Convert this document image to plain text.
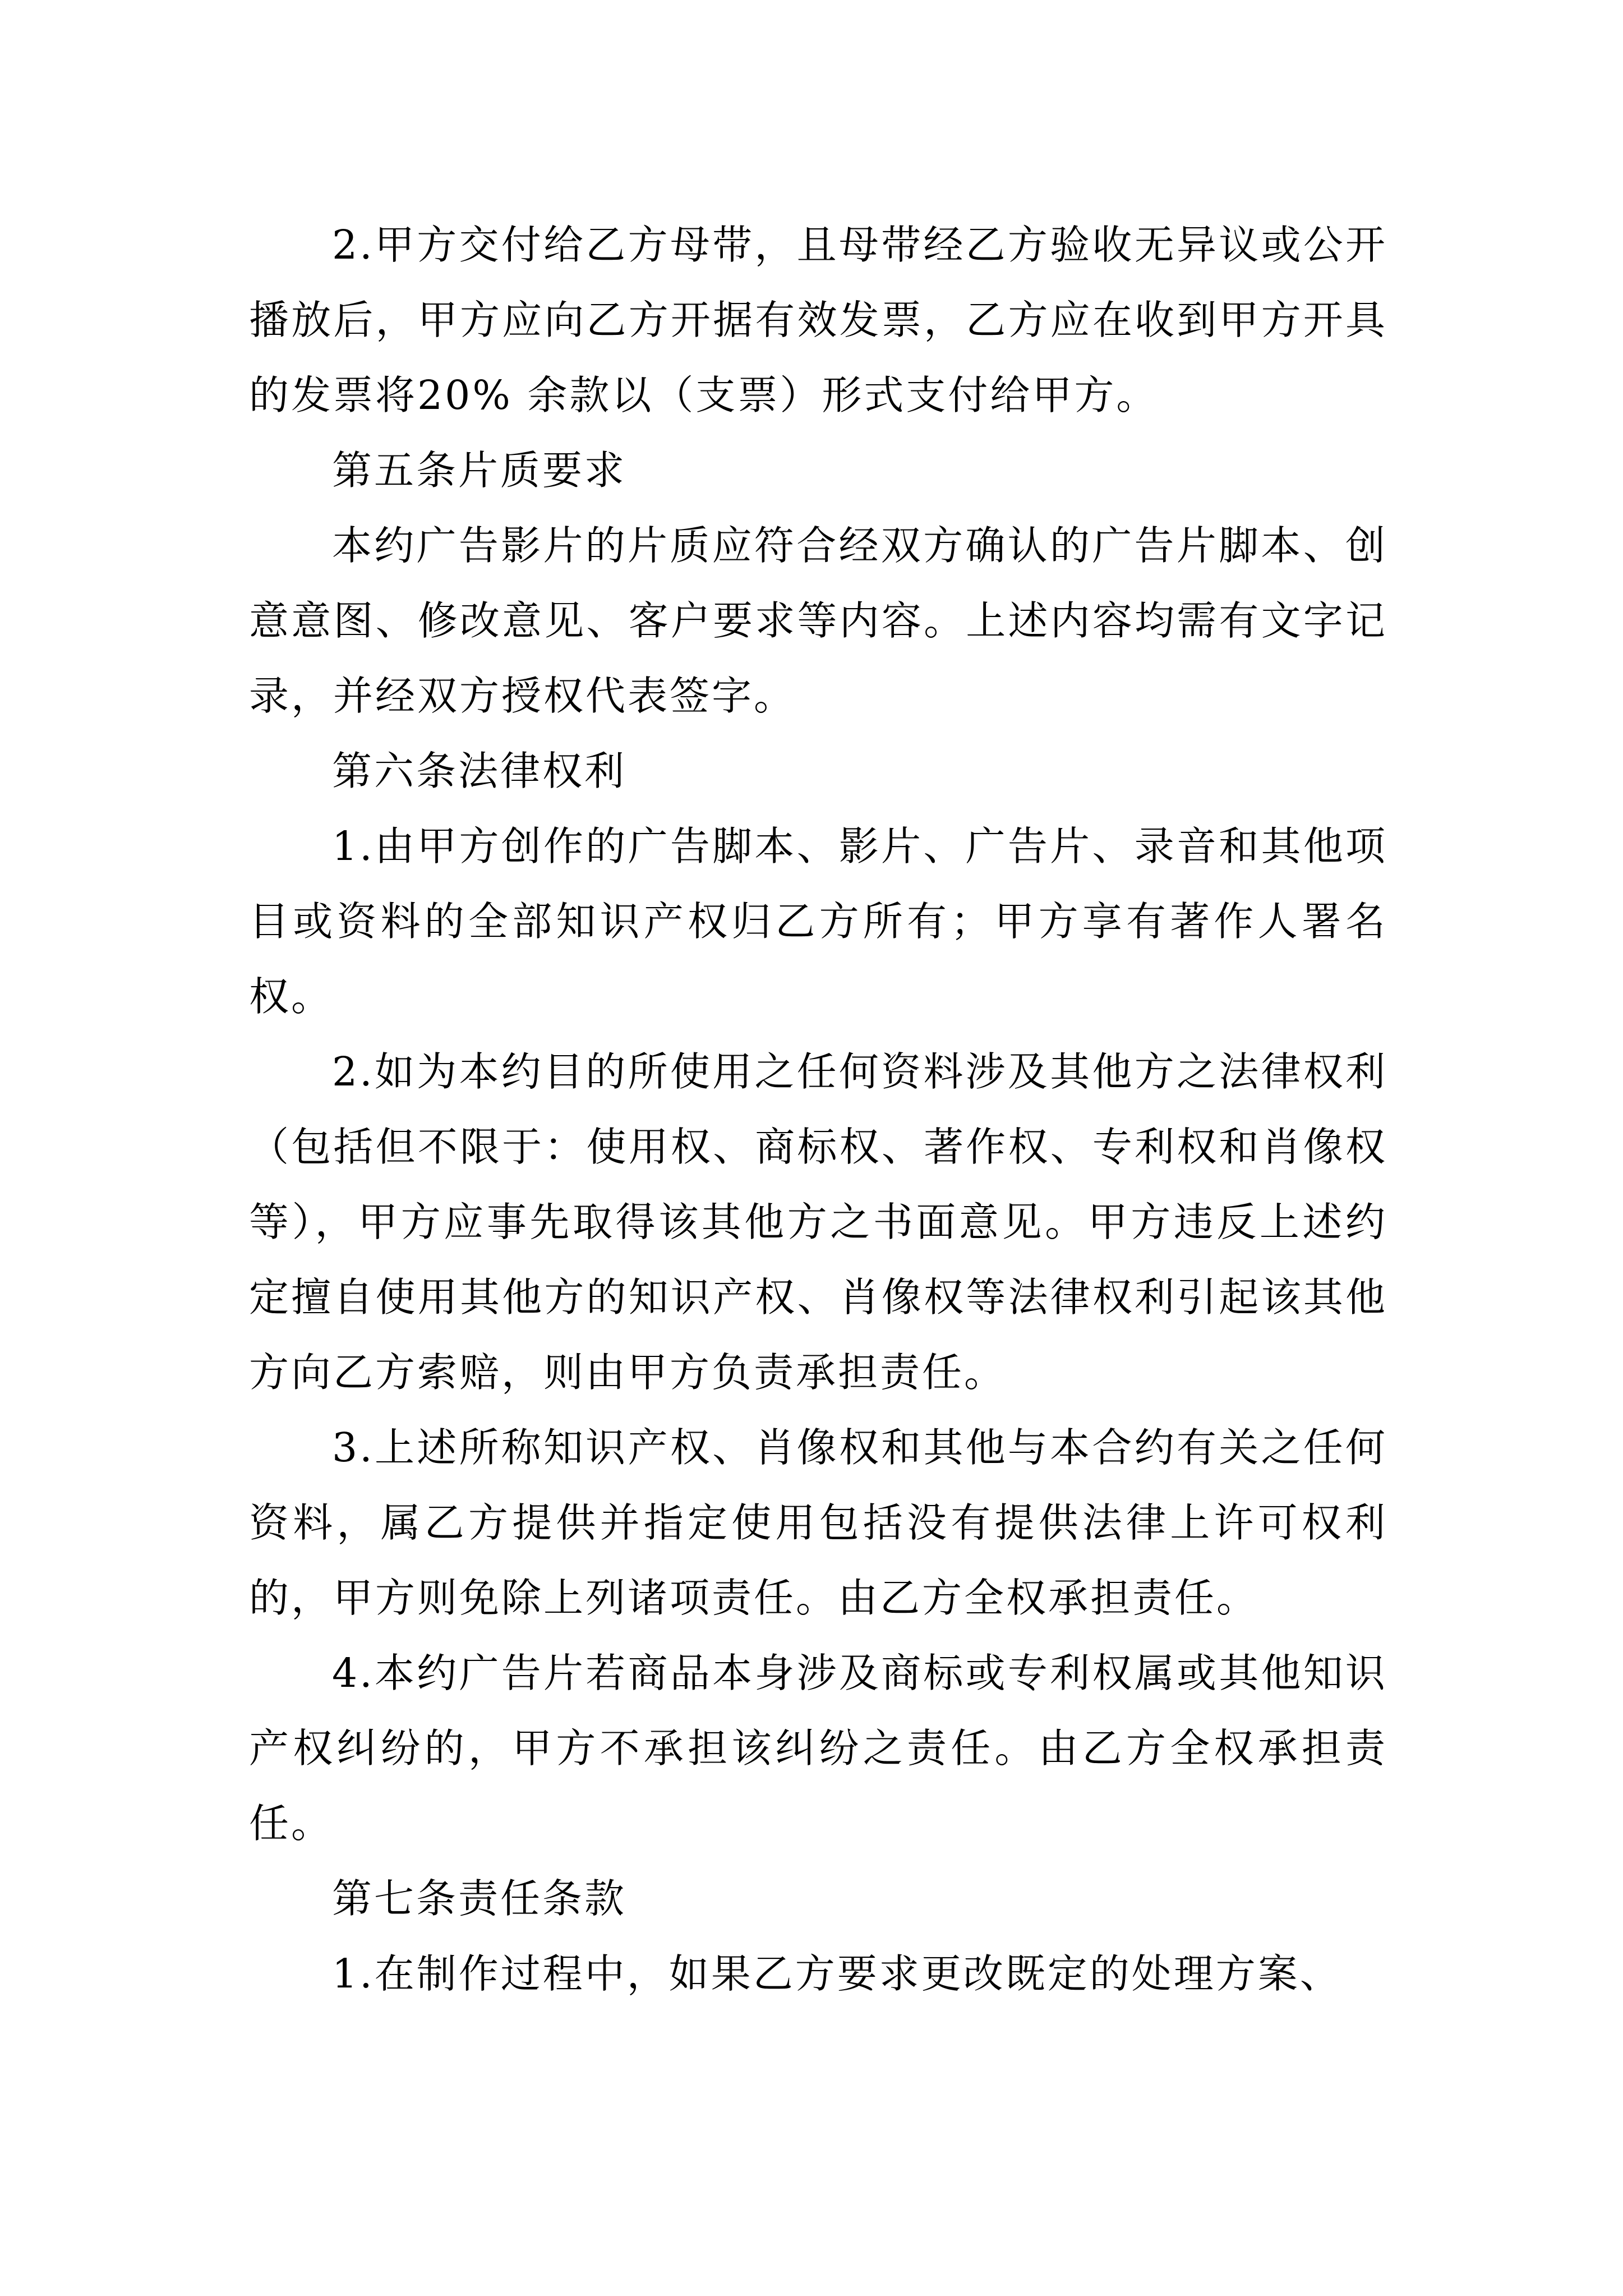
2.甲方交付给乙方母带，且母带经乙方验收无异议或公开播放后，甲方应向乙方开据有效发票，乙方应在收到甲方开具的发票将20% 余款以（支票）形式支付给甲方。

第五条片质要求

本约广告影片的片质应符合经双方确认的广告片脚本、创意意图、修改意见、客户要求等内容。上述内容均需有文字记录，并经双方授权代表签字。

第六条法律权利

1.由甲方创作的广告脚本、影片、广告片、录音和其他项目或资料的全部知识产权归乙方所有；甲方享有著作人署名权。

2.如为本约目的所使用之任何资料涉及其他方之法律权利（包括但不限于：使用权、商标权、著作权、专利权和肖像权等），甲方应事先取得该其他方之书面意见。甲方违反上述约定擅自使用其他方的知识产权、肖像权等法律权利引起该其他方向乙方索赔，则由甲方负责承担责任。

3.上述所称知识产权、肖像权和其他与本合约有关之任何资料，属乙方提供并指定使用包括没有提供法律上许可权利的，甲方则免除上列诸项责任。由乙方全权承担责任。

4.本约广告片若商品本身涉及商标或专利权属或其他知识产权纠纷的，甲方不承担该纠纷之责任。由乙方全权承担责任。

第七条责任条款

1.在制作过程中，如果乙方要求更改既定的处理方案、
